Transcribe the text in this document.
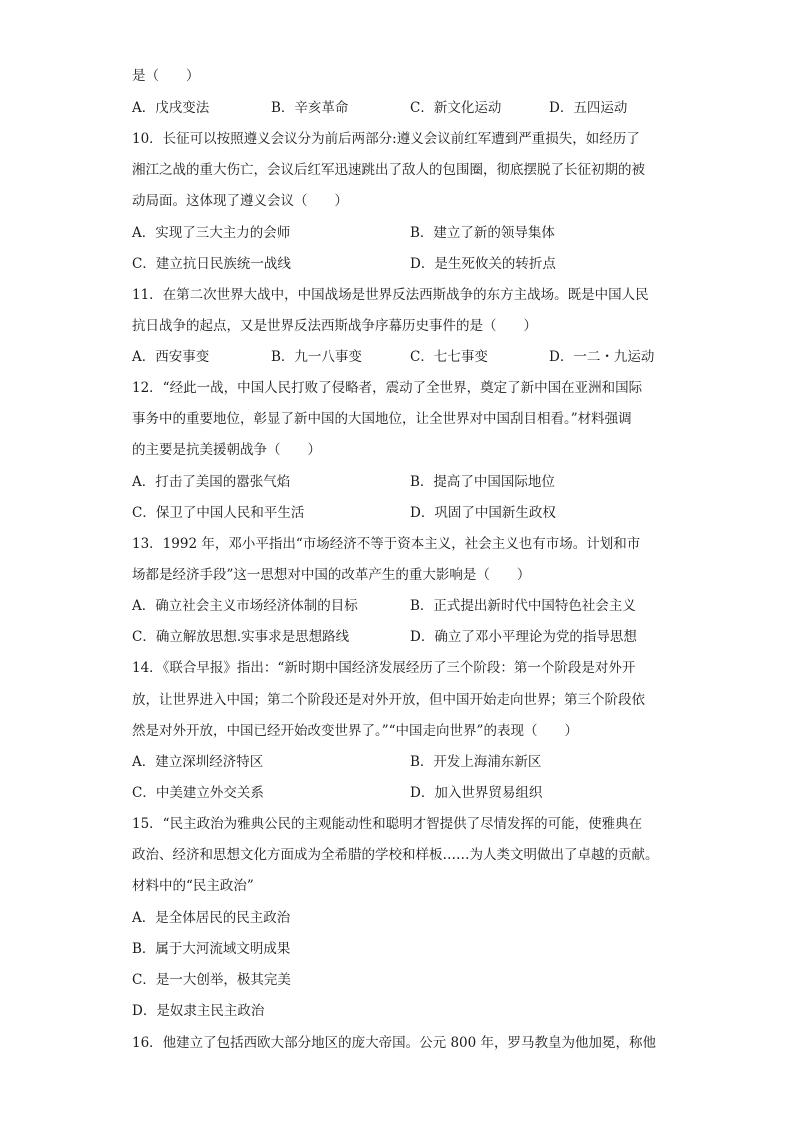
是（　　）
A．戊戌变法	B．辛亥革命	C．新文化运动	D．五四运动
10．长征可以按照遵义会议分为前后两部分:遵义会议前红军遭到严重损失，如经历了
湘江之战的重大伤亡，会议后红军迅速跳出了敌人的包围圈，彻底摆脱了长征初期的被
动局面。这体现了遵义会议（　　）
A．实现了三大主力的会师	B．建立了新的领导集体
C．建立抗日民族统一战线	D．是生死攸关的转折点
11．在第二次世界大战中，中国战场是世界反法西斯战争的东方主战场。既是中国人民
抗日战争的起点，又是世界反法西斯战争序幕历史事件的是（　　）
A．西安事变	B．九一八事变	C．七七事变	D．一二・九运动
12．“经此一战，中国人民打败了侵略者，震动了全世界，奠定了新中国在亚洲和国际
事务中的重要地位，彰显了新中国的大国地位，让全世界对中国刮目相看。”材料强调
的主要是抗美援朝战争（　　）
A．打击了美国的嚣张气焰	B．提高了中国国际地位
C．保卫了中国人民和平生活	D．巩固了中国新生政权
13．1992 年，邓小平指出“市场经济不等于资本主义，社会主义也有市场。计划和市
场都是经济手段”这一思想对中国的改革产生的重大影响是（　　）
A．确立社会主义市场经济体制的目标	B．正式提出新时代中国特色社会主义
C．确立解放思想.实事求是思想路线	D．确立了邓小平理论为党的指导思想
14．《联合早报》指出：“新时期中国经济发展经历了三个阶段：第一个阶段是对外开
放，让世界进入中国；第二个阶段还是对外开放，但中国开始走向世界；第三个阶段依
然是对外开放，中国已经开始改变世界了。”“中国走向世界”的表现（　　）
A．建立深圳经济特区	B．开发上海浦东新区
C．中美建立外交关系	D．加入世界贸易组织
15．“民主政治为雅典公民的主观能动性和聪明才智提供了尽情发挥的可能，使雅典在
政治、经济和思想文化方面成为全希腊的学校和样板……为人类文明做出了卓越的贡献。
材料中的“民主政治”
A．是全体居民的民主政治
B．属于大河流域文明成果
C．是一大创举，极其完美
D．是奴隶主民主政治
16．他建立了包括西欧大部分地区的庞大帝国。公元 800 年，罗马教皇为他加冕，称他
